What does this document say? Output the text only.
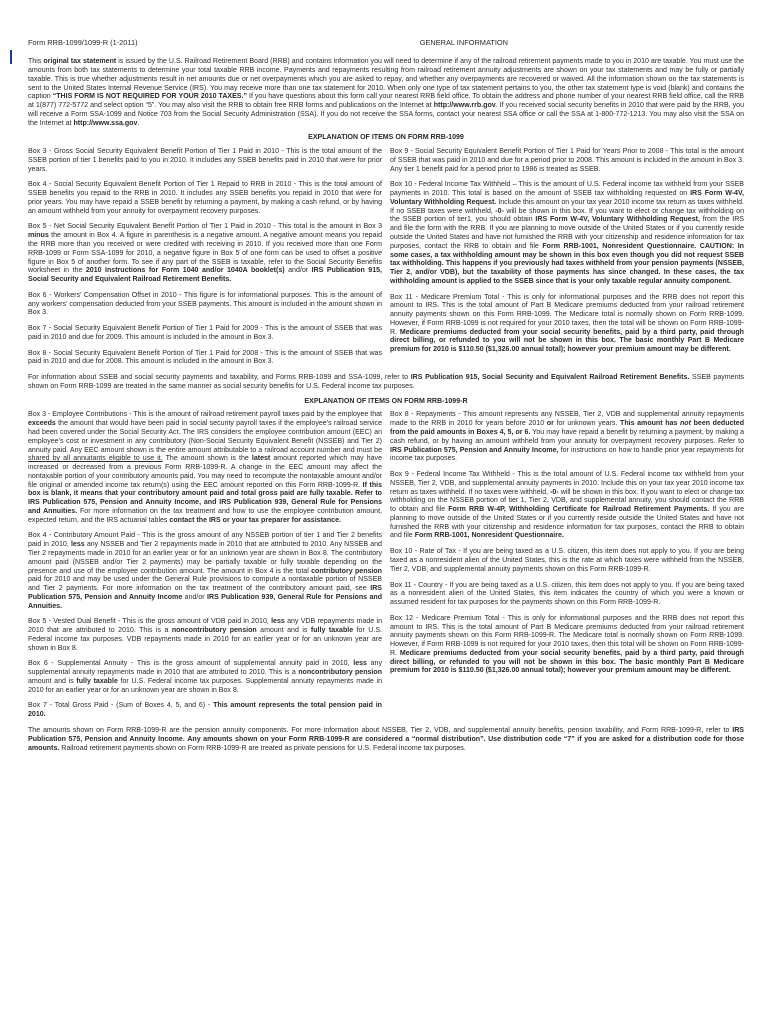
Form RRB-1099/1099-R (1-2011)	GENERAL INFORMATION

This original tax statement is issued by the U.S. Railroad Retirement Board (RRB) and contains information you will need to determine if any of the railroad retirement payments made to you in 2010 are taxable. You must use the amounts from both tax statements to determine your total taxable RRB income. Payments and repayments resulting from railroad retirement annuity adjustments are shown on your tax statements and may be fully or partially taxable. This is true whether adjustments result in net amounts due or net overpayments which you are asked to repay, and whether any overpayments are recovered or waived. All the information shown on the tax statements is sent to the United States Internal Revenue Service (IRS). You may receive more than one tax statement for 2010. When only one type of tax statement pertains to you, the other tax statement type is void (blank) and contains the caption “THIS FORM IS NOT REQUIRED FOR YOUR 2010 TAXES.” If you have questions about this form call your nearest RRB field office. To obtain the address and phone number of your nearest RRB field office, call the RRB at 1(877) 772-5772 and select option “5”. You may also visit the RRB to obtain free RRB forms and publications on the Internet at http://www.rrb.gov. If you received social security benefits in 2010 that were paid by the RRB, you will receive a Form SSA-1099 and Notice 703 from the Social Security Administration (SSA). If you do not receive the SSA forms, contact your nearest SSA office or call the SSA at 1-800-772-1213. You may also visit the SSA on the Internet at http://www.ssa.gov.

EXPLANATION OF ITEMS ON FORM RRB-1099

Box 3 - Gross Social Security Equivalent Benefit Portion of Tier 1 Paid in 2010 - This is the total amount of the SSEB portion of tier 1 benefits paid to you in 2010. It includes any SSEB benefits paid in 2010 that were for prior years.

Box 4 - Social Security Equivalent Benefit Portion of Tier 1 Repaid to RRB in 2010 - This is the total amount of SSEB benefits you repaid to the RRB in 2010. It includes any SSEB benefits you repaid in 2010 that were for prior years. You may have repaid a SSEB benefit by returning a payment, by making a cash refund, or by having an amount withheld from your annuity for overpayment recovery purposes.

Box 5 - Net Social Security Equivalent Benefit Portion of Tier 1 Paid in 2010 - This total is the amount in Box 3 minus the amount in Box 4. A figure in parenthesis is a negative amount. A negative amount means you repaid the RRB more than you received or were credited with receiving in 2010. If you received more than one Form RRB-1099 or Form SSA-1099 for 2010, a negative figure in Box 5 of one form can be used to offset a positive figure in Box 5 of another form. To see if any part of the SSEB is taxable, refer to the Social Security Benefits worksheet in the 2010 Instructions for Form 1040 and/or 1040A booklet(s) and/or IRS Publication 915, Social Security and Equivalent Railroad Retirement Benefits.

Box 6 - Workers’ Compensation Offset in 2010 - This figure is for informational purposes. This is the amount of any workers’ compensation deducted from your SSEB payments. This amount is included in the amount shown in Box 3.

Box 7 - Social Security Equivalent Benefit Portion of Tier 1 Paid for 2009 - This is the amount of SSEB that was paid in 2010 and due for 2009. This amount is included in the amount in Box 3.

Box 8 - Social Security Equivalent Benefit Portion of Tier 1 Paid for 2008 - This is the amount of SSEB that was paid in 2010 and due for 2008. This amount is included in the amount in Box 3.

Box 9 - Social Security Equivalent Benefit Portion of Tier 1 Paid for Years Prior to 2008 - This total is the amount of SSEB that was paid in 2010 and due for a period prior to 2008. This amount is included in the amount in Box 3. Any tier 1 benefit paid for a period prior to 1986 is treated as SSEB.

Box 10 - Federal Income Tax Withheld – This is the amount of U.S. Federal income tax withheld from your SSEB payments in 2010. This total is based on the amount of SSEB tax withholding requested on IRS Form W-4V, Voluntary Withholding Request. Include this amount on your tax year 2010 income tax return as taxes withheld. If no SSEB taxes were withheld, -0- will be shown in this box. If you want to elect or change tax withholding on the SSEB portion of tier1, you should obtain IRS Form W-4V, Voluntary Withholding Request, from the IRS and file the form with the RRB. If you are planning to move outside of the United States or if you currently reside outside the United States and have not furnished the RRB with your citizenship and residence information for tax purposes, contact the RRB to obtain and file Form RRB-1001, Nonresident Questionnaire. CAUTION: In some cases, a tax withholding amount may be shown in this box even though you did not request SSEB tax withholding. This happens if you previously had taxes withheld from your pension payments (NSSEB, Tier 2, and/or VDB), but the taxability of those payments has since changed. In these cases, the tax withholding amount is applied to the SSEB since that is your only taxable regular annuity component.

Box 11 - Medicare Premium Total - This is only for informational purposes and the RRB does not report this amount to IRS. This is the total amount of Part B Medicare premiums deducted from your railroad retirement annuity payments shown on this Form RRB-1099. The Medicare total is normally shown on Form RRB-1099. However, if Form RRB-1099 is not required for your 2010 taxes, then the total will be shown on Form RRB-1099-R. Medicare premiums deducted from your social security benefits, paid by a third party, paid through direct billing, or refunded to you will not be shown in this box. The basic monthly Part B Medicare premium for 2010 is $110.50 ($1,326.00 annual total); however your premium amount may be different.

For information about SSEB and social security payments and taxability, and Forms RRB-1099 and SSA-1099, refer to IRS Publication 915, Social Security and Equivalent Railroad Retirement Benefits. SSEB payments shown on Form RRB-1099 are treated in the same manner as social security benefits for U.S. Federal income tax purposes.

EXPLANATION OF ITEMS ON FORM RRB-1099-R

Box 3 - Employee Contributions - This is the amount of railroad retirement payroll taxes paid by the employee that exceeds the amount that would have been paid in social security payroll taxes if the employee’s railroad service had been covered under the Social Security Act. The IRS considers the employee contribution amount (EEC) an employee’s cost or investment in any contributory (Non-Social Security Equivalent Benefit (NSSEB) and Tier 2) annuity paid. Any EEC amount shown is the entire amount attributable to a railroad account number and must be shared by all annuitants eligible to use it. The amount shown is the latest amount reported which may have increased or decreased from a previous Form RRB-1099-R. A change in the EEC amount may affect the nontaxable portion of your contributory amounts paid. You may need to recompute the nontaxable amount and/or file original or amended income tax return(s) using the EEC amount reported on this Form RRB-1099-R. If this box is blank, it means that your contributory amount paid and total gross paid are fully taxable. Refer to IRS Publication 575, Pension and Annuity Income, and IRS Publication 939, General Rule for Pensions and Annuities. For more information on the tax treatment and how to use the employee contribution amount, expected return, and the IRS actuarial tables contact the IRS or your tax preparer for assistance.

Box 4 - Contributory Amount Paid - This is the gross amount of any NSSEB portion of tier 1 and Tier 2 benefits paid in 2010, less any NSSEB and Tier 2 repayments made in 2010 that are attributed to 2010. Any NSSEB and Tier 2 repayments made in 2010 for an earlier year or for an unknown year are shown in Box 8. The contributory amount paid (NSSEB and/or Tier 2 payments) may be partially taxable or fully taxable depending on the presence and use of the employee contribution amount. The amount in Box 4 is the total contributory pension paid for 2010 and may be used under the General Rule provisions to compute a nontaxable portion of NSSEB and Tier 2 payments. For more information on the tax treatment of the contributory amount paid, see IRS Publication 575, Pension and Annuity Income and/or IRS Publication 939, General Rule for Pensions and Annuities.

Box 5 - Vested Dual Benefit - This is the gross amount of VDB paid in 2010, less any VDB repayments made in 2010 that are attributed to 2010. This is a noncontributory pension amount and is fully taxable for U.S. Federal income tax purposes. VDB repayments made in 2010 for an earlier year or for an unknown year are shown in Box 8.

Box 6 - Supplemental Annuity - This is the gross amount of supplemental annuity paid in 2010, less any supplemental annuity repayments made in 2010 that are attributed to 2010. This is a noncontributory pension amount and is fully taxable for U.S. Federal income tax purposes. Supplemental annuity repayments made in 2010 for an earlier year or for an unknown year are shown in Box 8.

Box 7 - Total Gross Paid - (Sum of Boxes 4, 5, and 6) - This amount represents the total pension paid in 2010.

Box 8 - Repayments - This amount represents any NSSEB, Tier 2, VDB and supplemental annuity repayments made to the RRB in 2010 for years before 2010 or for unknown years. This amount has not been deducted from the paid amounts in Boxes 4, 5, or 6. You may have repaid a benefit by returning a payment, by making a cash refund, or by having an amount withheld from your annuity for overpayment recovery purposes. Refer to IRS Publication 575, Pension and Annuity Income, for instructions on how to handle prior year repayments for income tax purposes.

Box 9 - Federal Income Tax Withheld - This is the total amount of U.S. Federal income tax withheld from your NSSEB, Tier 2, VDB, and supplemental annuity payments in 2010. Include this on your tax year 2010 income tax return as taxes withheld. If no taxes were withheld, -0- will be shown in this box. If you want to elect or change tax withholding on the NSSEB portion of tier 1, Tier 2, VDB, and supplemental annuity, you should contact the RRB to obtain and file Form RRB W-4P, Withholding Certificate for Railroad Retirement Payments. If you are planning to move outside of the United States or if you currently reside outside the United States and have not furnished the RRB with your citizenship and residence information for tax purposes, contact the RRB to obtain and file Form RRB-1001, Nonresident Questionnaire.

Box 10 - Rate of Tax - If you are being taxed as a U.S. citizen, this item does not apply to you. If you are being taxed as a nonresident alien of the United States, this is the rate at which taxes were withheld from the NSSEB, Tier 2, VDB, and supplemental annuity payments shown on this Form RRB-1099-R.

Box 11 - Country - If you are being taxed as a U.S. citizen, this item does not apply to you. If you are being taxed as a nonresident alien of the United States, this item indicates the country of which you were a known or assumed resident for tax purposes for the payments shown on this Form RRB-1099-R.

Box 12 - Medicare Premium Total - This is only for informational purposes and the RRB does not report this amount to IRS. This is the total amount of Part B Medicare premiums deducted from your railroad retirement annuity payments shown on this Form RRB-1099-R. The Medicare total is normally shown on Form RRB-1099. However, if Form RRB-1099 is not required for your 2010 taxes, then this total will be shown on Form RRB-1099-R. Medicare premiums deducted from your social security benefits, paid by a third party, paid through direct billing, or refunded to you will not be shown in this box. The basic monthly Part B Medicare premium for 2010 is $110.50 ($1,326.00 annual total); however your premium amount may be different.

The amounts shown on Form RRB-1099-R are the pension annuity components. For more information about NSSEB, Tier 2, VDB, and supplemental annuity benefits, pension taxability, and Form RRB-1099-R, refer to IRS Publication 575, Pension and Annuity Income. Any amounts shown on your Form RRB-1099-R are considered a “normal distribution”. Use distribution code “7” if you are asked for a distribution code for those amounts. Railroad retirement payments shown on Form RRB-1099-R are treated as private pensions for U.S. Federal income tax purposes.
